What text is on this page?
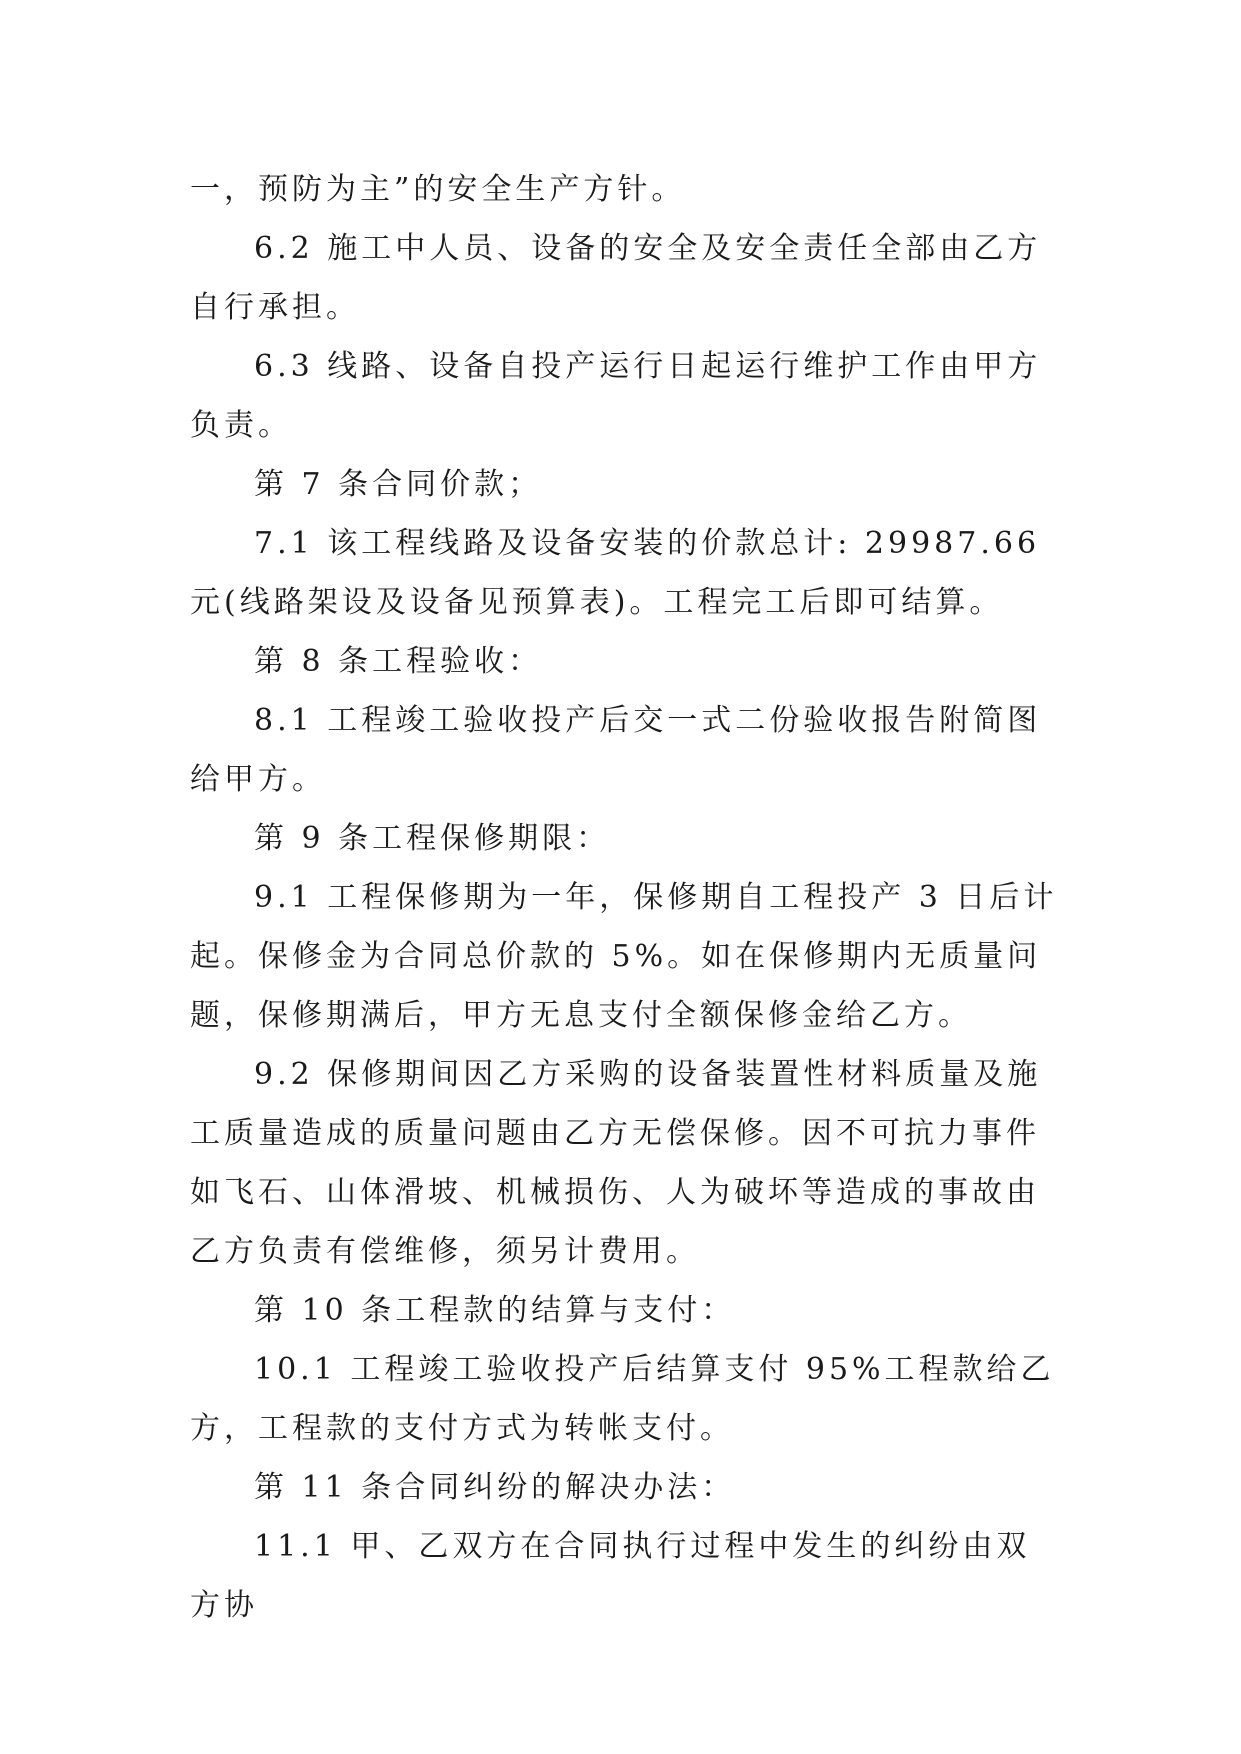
一，预防为主”的安全生产方针。

6.2 施工中人员、设备的安全及安全责任全部由乙方自行承担。

6.3 线路、设备自投产运行日起运行维护工作由甲方负责。

第 7 条合同价款；

7.1 该工程线路及设备安装的价款总计: 29987.66 元(线路架设及设备见预算表)。工程完工后即可结算。

第 8 条工程验收：

8.1 工程竣工验收投产后交一式二份验收报告附简图给甲方。

第 9 条工程保修期限：

9.1 工程保修期为一年，保修期自工程投产 3 日后计起。保修金为合同总价款的 5%。如在保修期内无质量问题，保修期满后，甲方无息支付全额保修金给乙方。

9.2 保修期间因乙方采购的设备装置性材料质量及施工质量造成的质量问题由乙方无偿保修。因不可抗力事件如飞石、山体滑坡、机械损伤、人为破坏等造成的事故由乙方负责有偿维修，须另计费用。

第 10 条工程款的结算与支付：

10.1 工程竣工验收投产后结算支付 95%工程款给乙方，工程款的支付方式为转帐支付。

第 11 条合同纠纷的解决办法：

11.1 甲、乙双方在合同执行过程中发生的纠纷由双方协
